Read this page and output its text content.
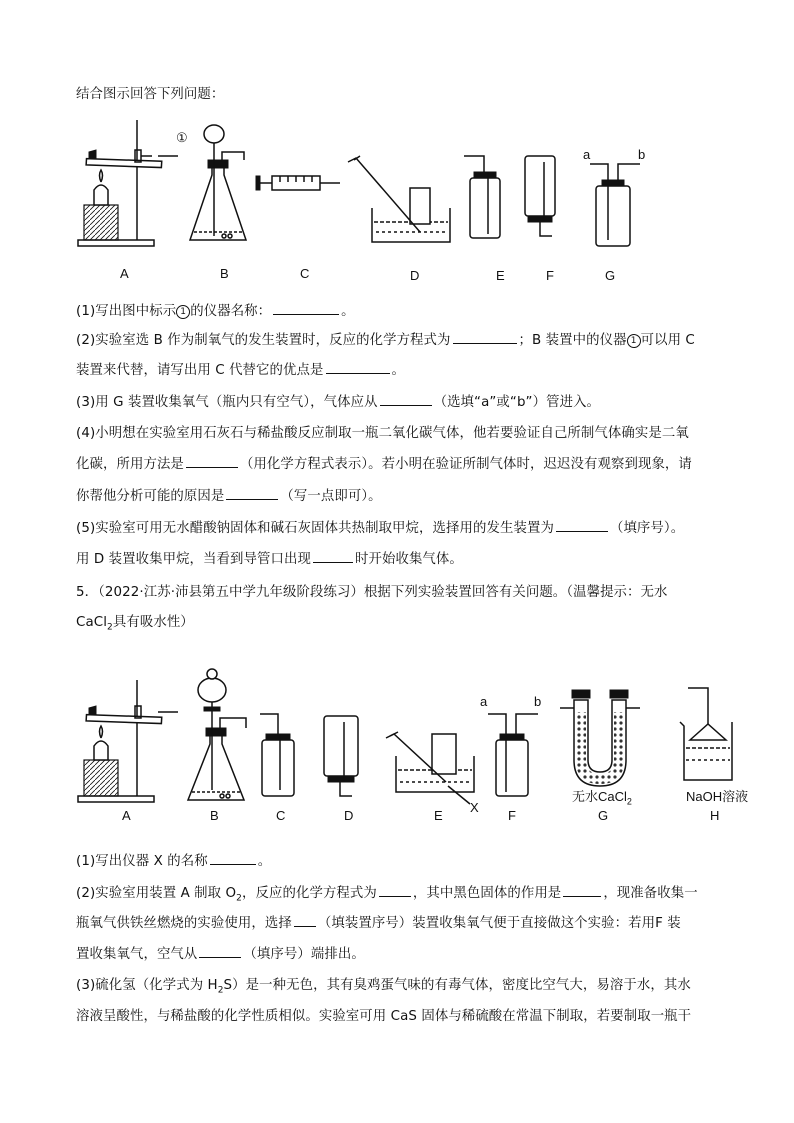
结合图示回答下列问题：
①
a	b
A	B	C	D	E	F	G
(1)写出图中标示 1 的仪器名称：	。
(2)实验室选 B 作为制氧气的发生装置时，反应的化学方程式为	；B 装置中的仪器 1 可以用 C
装置来代替，请写出用 C 代替它的优点是	。
(3)用 G 装置收集氧气（瓶内只有空气），气体应从	（选填“a”或“b”）管进入。
(4)小明想在实验室用石灰石与稀盐酸反应制取一瓶二氧化碳气体，他若要验证自己所制气体确实是二氧
化碳，所用方法是	（用化学方程式表示）。若小明在验证所制气体时，迟迟没有观察到现象，请
你帮他分析可能的原因是	（写一点即可）。
(5)实验室可用无水醋酸钠固体和碱石灰固体共热制取甲烷，选择用的发生装置为	（填序号）。
用 D 装置收集甲烷，当看到导管口出现	时开始收集气体。
5．（2022·江苏·沛县第五中学九年级阶段练习）根据下列实验装置回答有关问题。（温馨提示：无水
CaCl$_2$具有吸水性）
a	b
X
无水CaCl$_2$	NaOH溶液
A	B	C	D	E	F	G	H
(1)写出仪器 X 的名称	。
(2)实验室用装置 A 制取 $O_2$，反应的化学方程式为	，其中黑色固体的作用是	，现准备收集一
瓶氧气供铁丝燃烧的实验使用，选择 （填装置序号）装置收集氧气便于直接做这个实验：若用F 装
置收集氧气，空气从	（填序号）端排出。
(3)硫化氢（化学式为 $H_2S$）是一种无色，其有臭鸡蛋气味的有毒气体，密度比空气大，易溶于水，其水
溶液呈酸性，与稀盐酸的化学性质相似。实验室可用 CaS 固体与稀硫酸在常温下制取，若要制取一瓶干
